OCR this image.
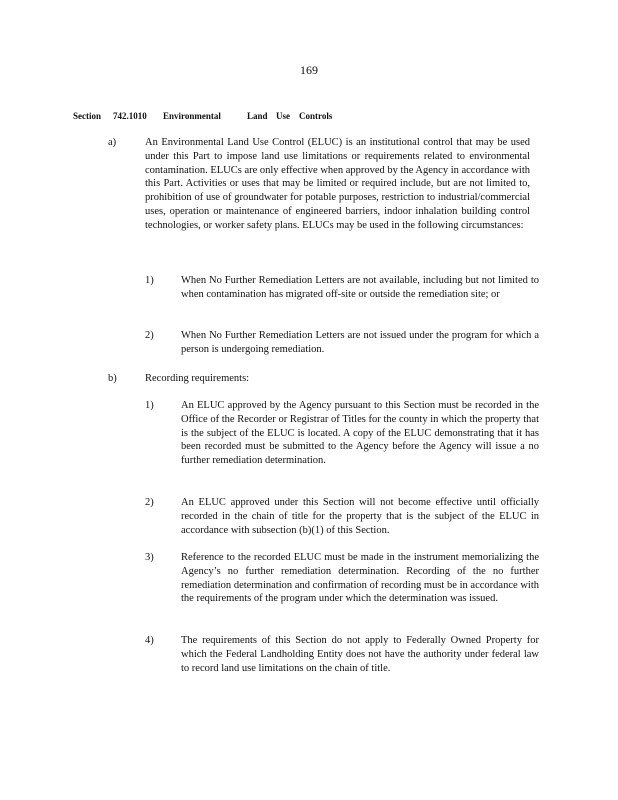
169
Section 742.1010 Environmental	Land Use Controls
a)	An Environmental Land Use Control (ELUC) is an institutional control that may be used under this Part to impose land use limitations or requirements related to environmental contamination. ELUCs are only effective when approved by the Agency in accordance with this Part. Activities or uses that may be limited or required include, but are not limited to, prohibition of use of groundwater for potable purposes, restriction to industrial/commercial uses, operation or maintenance of engineered barriers, indoor inhalation building control technologies, or worker safety plans. ELUCs may be used in the following circumstances:
1)	When No Further Remediation Letters are not available, including but not limited to when contamination has migrated off-site or outside the remediation site; or
2)	When No Further Remediation Letters are not issued under the program for which a person is undergoing remediation.
b)	Recording requirements:
1)	An ELUC approved by the Agency pursuant to this Section must be recorded in the Office of the Recorder or Registrar of Titles for the county in which the property that is the subject of the ELUC is located. A copy of the ELUC demonstrating that it has been recorded must be submitted to the Agency before the Agency will issue a no further remediation determination.
2)	An ELUC approved under this Section will not become effective until officially recorded in the chain of title for the property that is the subject of the ELUC in accordance with subsection (b)(1) of this Section.
3)	Reference to the recorded ELUC must be made in the instrument memorializing the Agency’s no further remediation determination. Recording of the no further remediation determination and confirmation of recording must be in accordance with the requirements of the program under which the determination was issued.
4)	The requirements of this Section do not apply to Federally Owned Property for which the Federal Landholding Entity does not have the authority under federal law to record land use limitations on the chain of title.
